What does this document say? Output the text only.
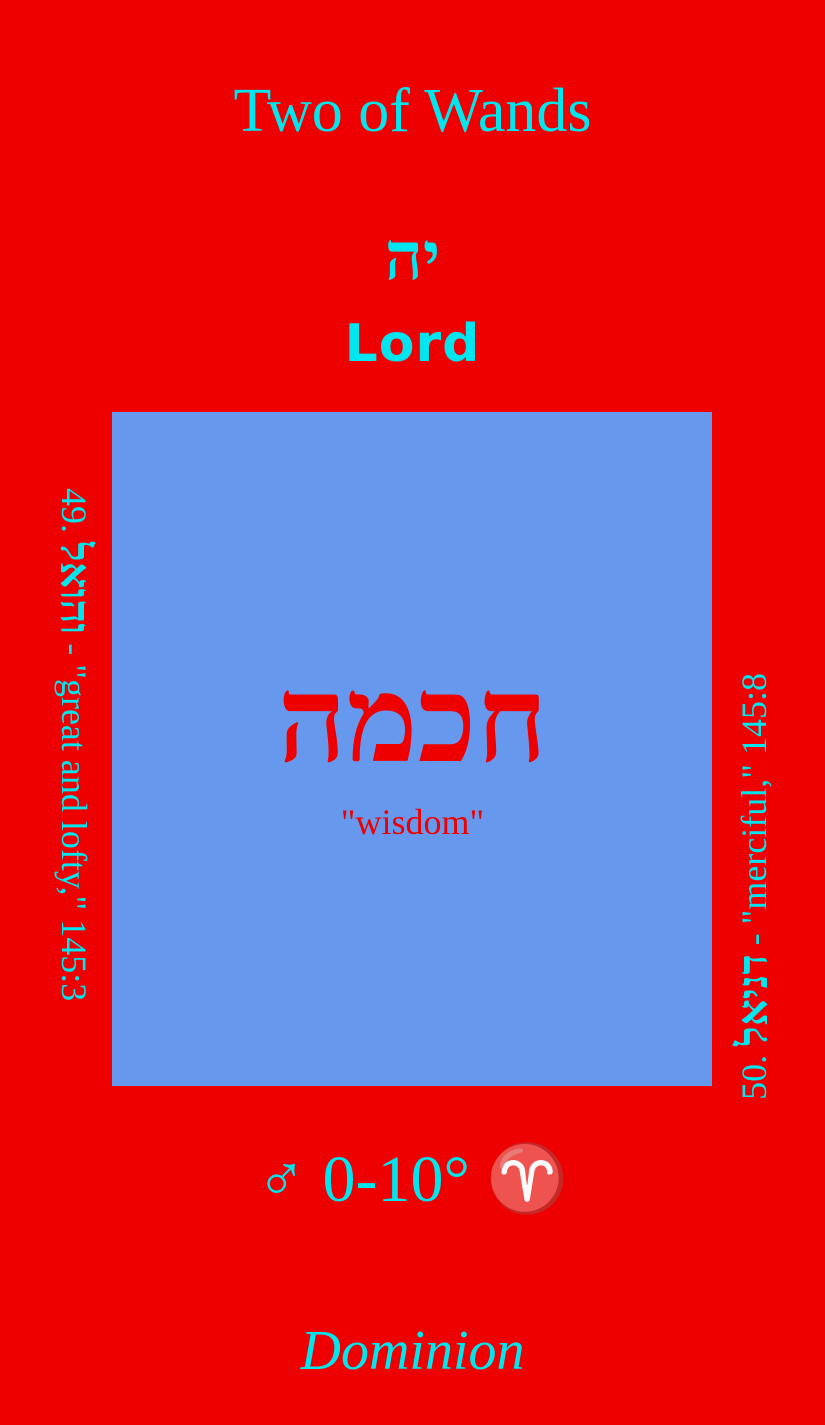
Two of Wands
יה
Lord
חכמה
"wisdom"
49. והואל - "great and lofty," 145:3
50. דניאל - "merciful," 145:8
♂ 0-10° ♈
Dominion
